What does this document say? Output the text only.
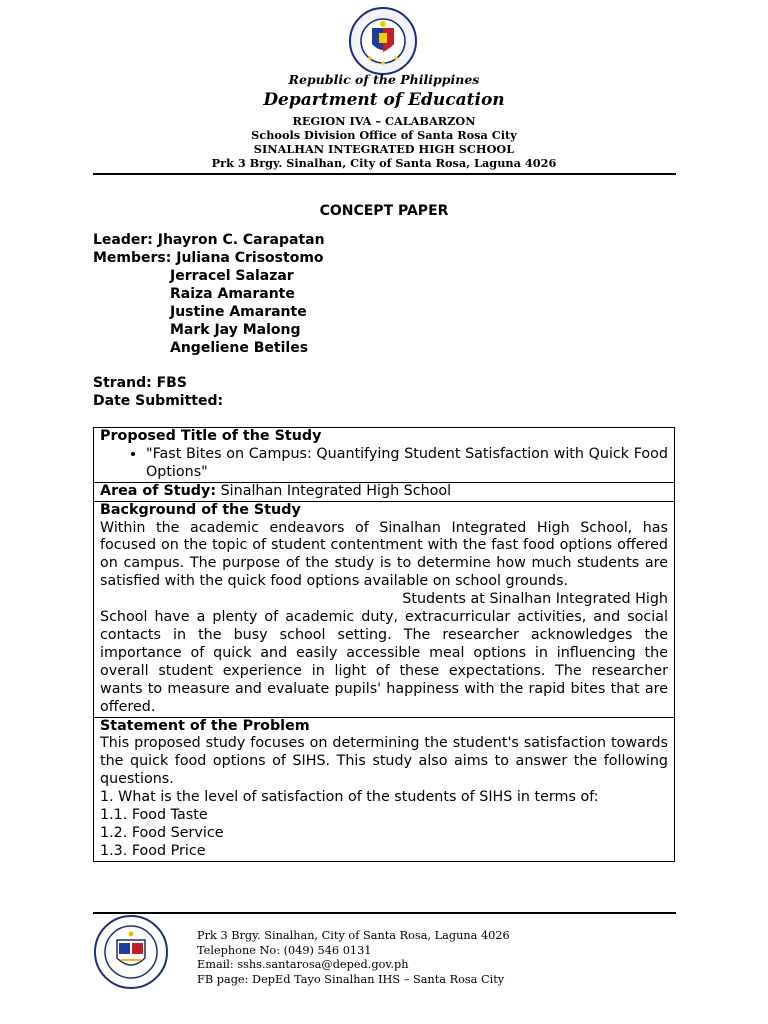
Republic of the Philippines
Department of Education
REGION IVA – CALABARZON
Schools Division Office of Santa Rosa City
SINALHAN INTEGRATED HIGH SCHOOL
Prk 3 Brgy. Sinalhan, City of Santa Rosa, Laguna 4026
CONCEPT PAPER
Leader: Jhayron C. Carapatan
Members: Juliana Crisostomo
Jerracel Salazar
Raiza Amarante
Justine Amarante
Mark Jay Malong
Angeliene Betiles
Strand: FBS
Date Submitted:
Proposed Title of the Study
• "Fast Bites on Campus: Quantifying Student Satisfaction with Quick Food Options"

Area of Study: Sinalhan Integrated High School

Background of the Study
Within the academic endeavors of Sinalhan Integrated High School, has focused on the topic of student contentment with the fast food options offered on campus. The purpose of the study is to determine how much students are satisfied with the quick food options available on school grounds.
Students at Sinalhan Integrated High
School have a plenty of academic duty, extracurricular activities, and social contacts in the busy school setting. The researcher acknowledges the importance of quick and easily accessible meal options in influencing the overall student experience in light of these expectations. The researcher wants to measure and evaluate pupils' happiness with the rapid bites that are offered.

Statement of the Problem
This proposed study focuses on determining the student's satisfaction towards the quick food options of SIHS. This study also aims to answer the following questions.
1. What is the level of satisfaction of the students of SIHS in terms of:
1.1. Food Taste
1.2. Food Service
1.3. Food Price
Prk 3 Brgy. Sinalhan, City of Santa Rosa, Laguna 4026
Telephone No: (049) 546 0131
Email: sshs.santarosa@deped.gov.ph
FB page: DepEd Tayo Sinalhan IHS – Santa Rosa City
